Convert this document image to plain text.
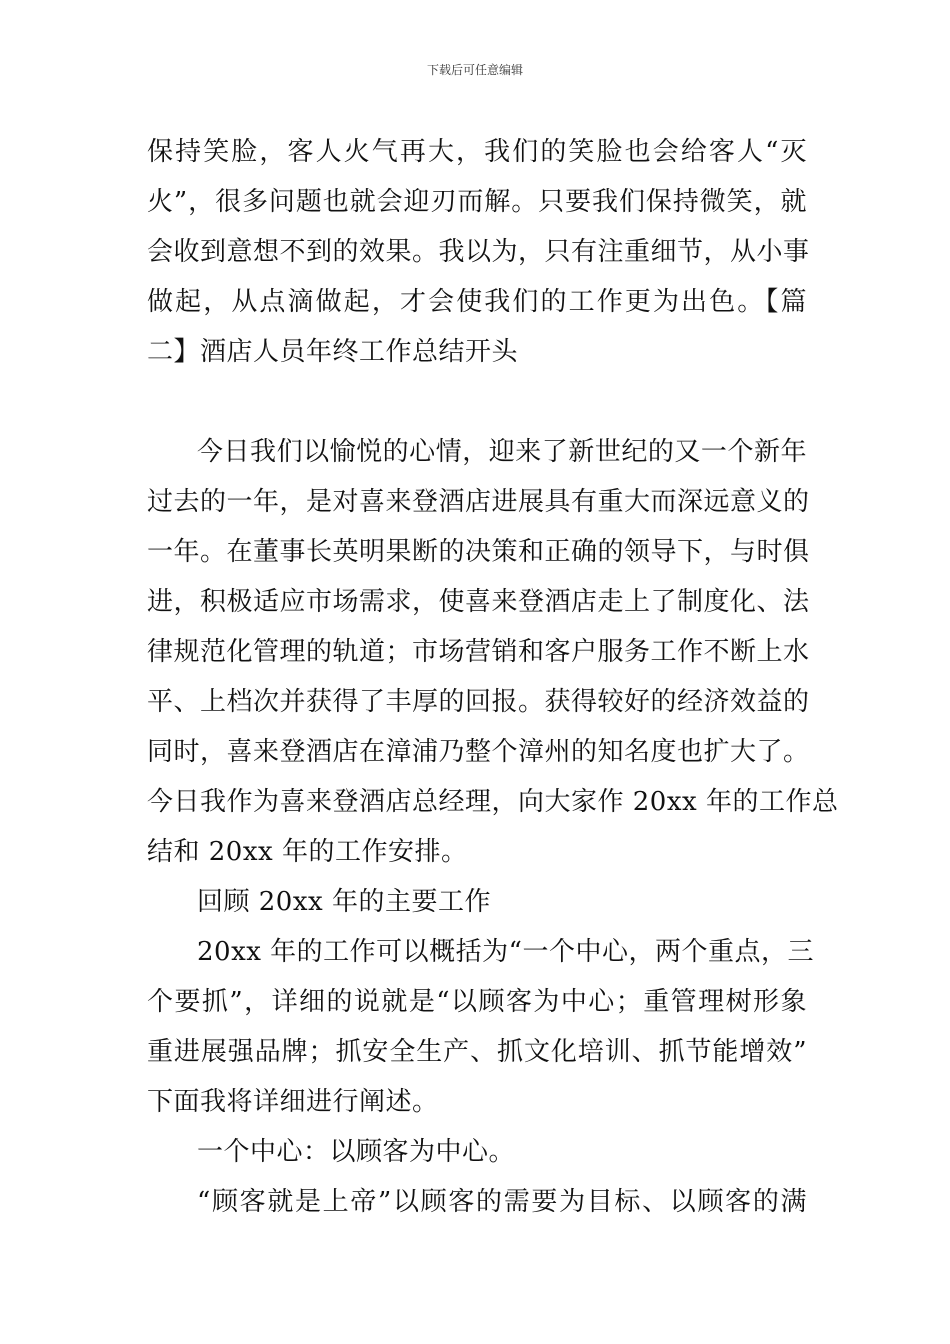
下载后可任意编辑
保持笑脸，客人火气再大，我们的笑脸也会给客人“灭
火”，很多问题也就会迎刃而解。只要我们保持微笑，就
会收到意想不到的效果。我以为，只有注重细节，从小事
做起，从点滴做起，才会使我们的工作更为出色。【篇
二】酒店人员年终工作总结开头
今日我们以愉悦的心情，迎来了新世纪的又一个新年
过去的一年，是对喜来登酒店进展具有重大而深远意义的
一年。在董事长英明果断的决策和正确的领导下，与时俱
进，积极适应市场需求，使喜来登酒店走上了制度化、法
律规范化管理的轨道；市场营销和客户服务工作不断上水
平、上档次并获得了丰厚的回报。获得较好的经济效益的
同时，喜来登酒店在漳浦乃整个漳州的知名度也扩大了。
今日我作为喜来登酒店总经理，向大家作 20xx 年的工作总
结和 20xx 年的工作安排。
回顾 20xx 年的主要工作
20xx 年的工作可以概括为“一个中心，两个重点，三
个要抓”，详细的说就是“以顾客为中心；重管理树形象
重进展强品牌；抓安全生产、抓文化培训、抓节能增效”
下面我将详细进行阐述。
一个中心：以顾客为中心。
“顾客就是上帝”以顾客的需要为目标、以顾客的满
